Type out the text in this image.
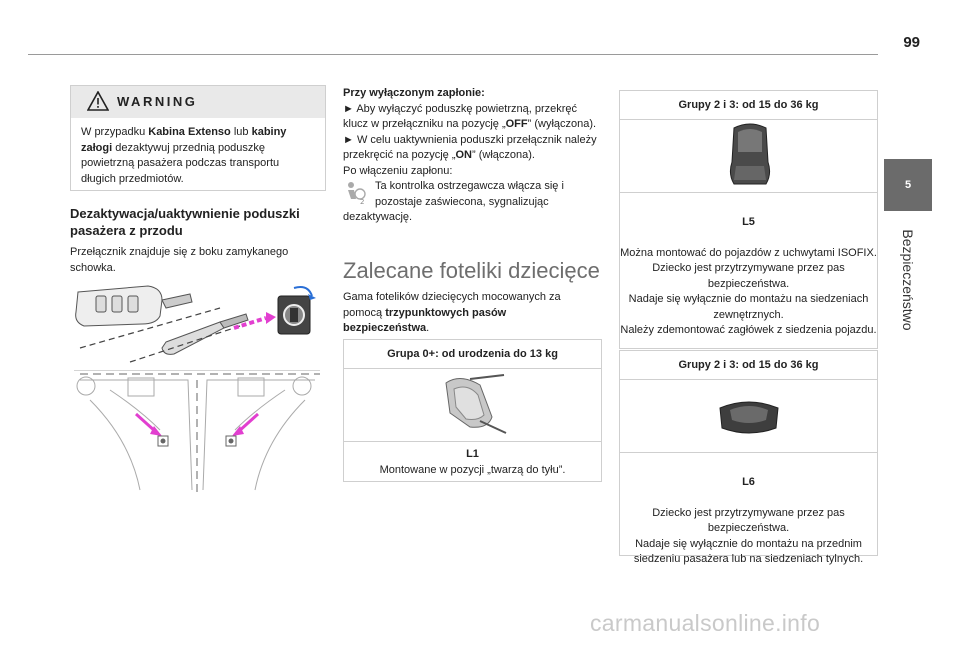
99
5
Bezpieczeństwo
WARNING
W przypadku Kabina Extenso lub kabiny załogi dezaktywuj przednią poduszkę powietrzną pasażera podczas transportu długich przedmiotów.
Dezaktywacja/uaktywnienie poduszki pasażera z przodu
Przełącznik znajduje się z boku zamykanego schowka.
Przy wyłączonym zapłonie:
► Aby wyłączyć poduszkę powietrzną, przekręć klucz w przełączniku na pozycję „OFF” (wyłączona).
► W celu uaktywnienia poduszki przełącznik należy przekręcić na pozycję „ON” (włączona).
Po włączeniu zapłonu:
2
Ta kontrolka ostrzegawcza włącza się i pozostaje zaświecona, sygnalizując dezaktywację.
Zalecane foteliki dziecięce
Gama fotelików dziecięcych mocowanych za pomocą trzypunktowych pasów bezpieczeństwa.
Grupa 0+: od urodzenia do 13 kg
L1
Montowane w pozycji „twarzą do tyłu”.
Grupy 2 i 3: od 15 do 36 kg

L5

Można montować do pojazdów z uchwytami ISOFIX.
Dziecko jest przytrzymywane przez pas bezpieczeństwa.
Nadaje się wyłącznie do montażu na siedzeniach zewnętrznych.
Należy zdemontować zagłówek z siedzenia pojazdu.

Grupy 2 i 3: od 15 do 36 kg

L6

Dziecko jest przytrzymywane przez pas bezpieczeństwa.
Nadaje się wyłącznie do montażu na przednim siedzeniu pasażera lub na siedzeniach tylnych.

carmanualsonline.info
